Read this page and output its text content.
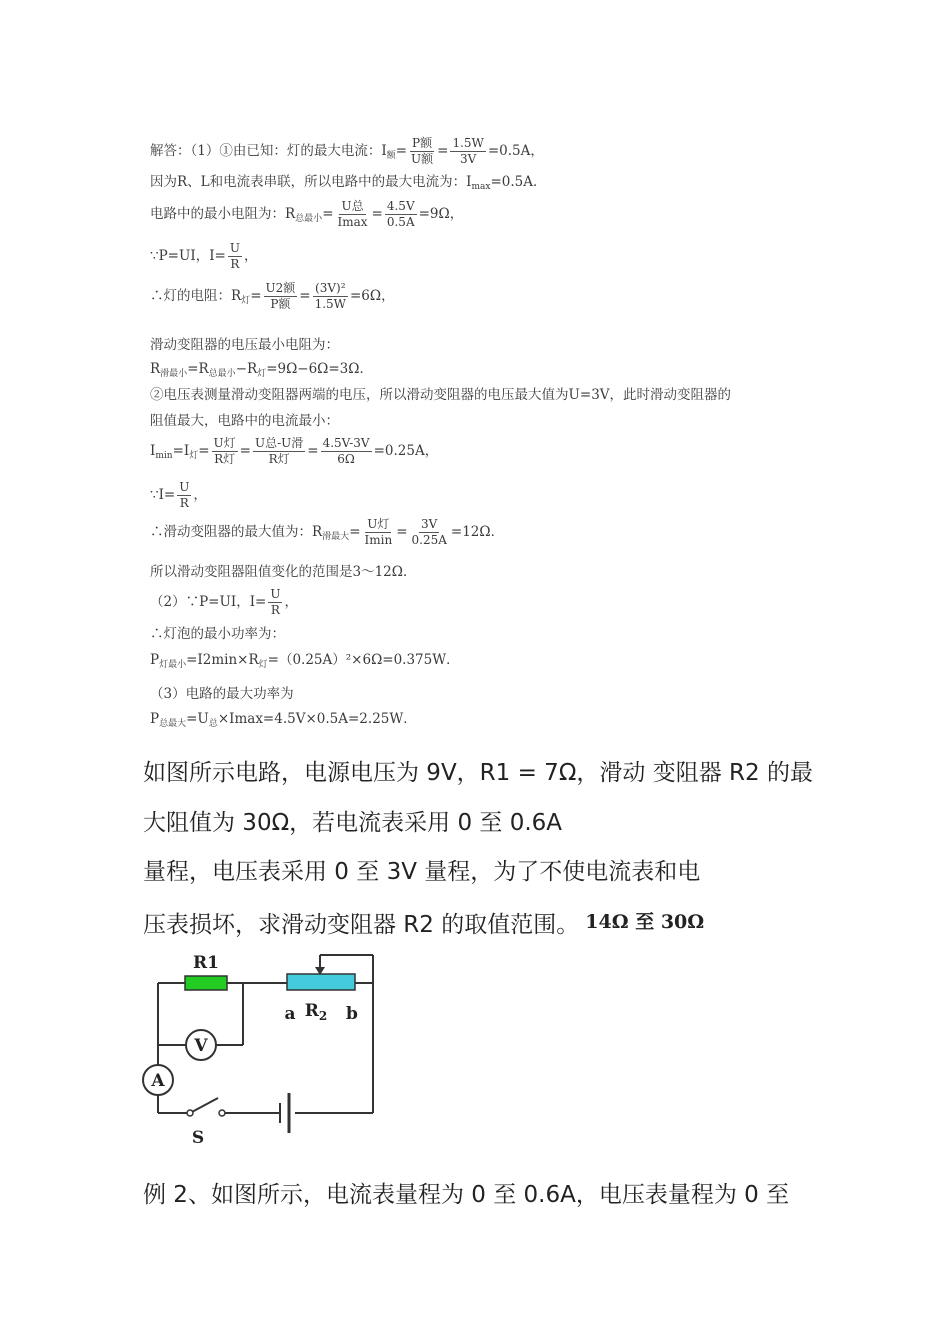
解答：（1）①由已知：灯的最大电流：$I_额= \frac{\text{P额}}{\text{U额}} = \frac{1.5W}{3V} =0.5A$，
因为R、L和电流表串联，所以电路中的最大电流为：$I_{max}=0.5A$．
电路中的最小电阻为：$R_{总最小}= \frac{\text{U总}}{Imax} = \frac{4.5V}{0.5A} =9\Omega$，
∵P=UI，$I= \frac{U}{R}$ ，
∴灯的电阻：$R_灯= \frac{\text{U2额}}{\text{P额}} = \frac{\text{(3V)²}}{1.5W} =6\Omega$，
滑动变阻器的电压最小电阻为：
$R_{滑最小}=R_{总最小}-R_灯=9\Omega-6\Omega=3\Omega$．
②电压表测量滑动变阻器两端的电压，所以滑动变阻器的电压最大值为U=3V，此时滑动变阻器的
阻值最大，电路中的电流最小：
$I_{min}=I_灯= \frac{\text{U灯}}{\text{R灯}} = \frac{\text{U总-U滑}}{\text{R灯}} = \frac{4.5V-3V}{6\Omega} =0.25A$，
∵I= $\frac{U}{R}$ ，
∴滑动变阻器的最大值为：$R_{滑最大}= \frac{\text{U灯}}{Imin} = \frac{3V}{0.25A} =12\Omega$．
所以滑动变阻器阻值变化的范围是3～12Ω．
（2）∵P=UI，$I= \frac{U}{R}$ ，
∴灯泡的最小功率为：
$P_{灯最小}=I2\min\times R_灯=(0.25A)^2\times 6\Omega=0.375W$．
（3）电路的最大功率为
$P_{总最大}=U_总\times Imax=4.5V\times 0.5A=2.25W$．
如图所示电路，电源电压为 9V，R1 = 7Ω，滑动 变阻器 R2 的最
大阻值为 30Ω，若电流表采用 0 至 0.6A
量程，电压表采用 0 至 3V 量程，为了不使电流表和电
压表损坏，求滑动变阻器 R2 的取值范围。 14Ω 至 30Ω
V
A
R1
a $R_2$ b
S
例 2、如图所示，电流表量程为 0 至 0.6A，电压表量程为 0 至
